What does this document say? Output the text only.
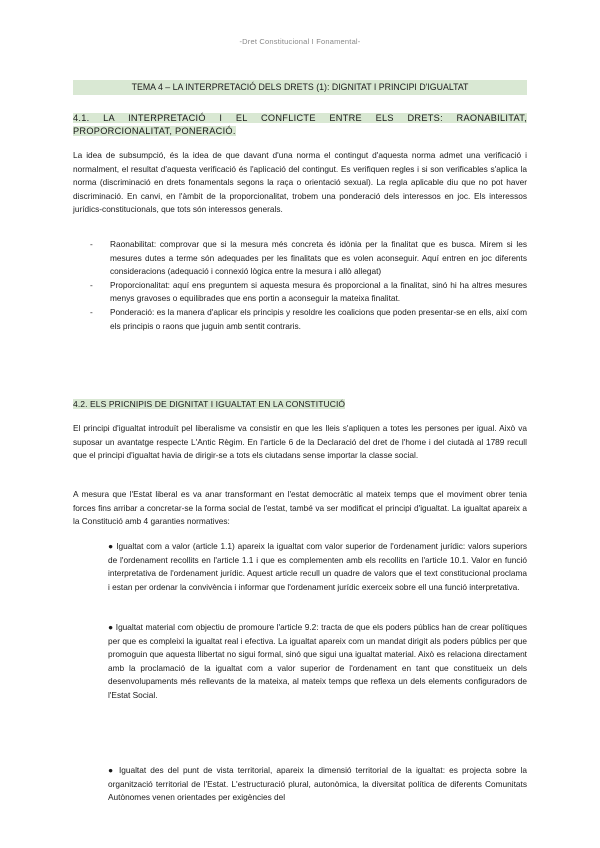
-Dret Constitucional I Fonamental-
TEMA 4 – LA INTERPRETACIÓ DELS DRETS (1): DIGNITAT I PRINCIPI D'IGUALTAT
4.1. LA INTERPRETACIÓ I EL CONFLICTE ENTRE ELS DRETS: RAONABILITAT, PROPORCIONALITAT, PONERACIÓ.
La idea de subsumpció, és la idea de que davant d'una norma el contingut d'aquesta norma admet una verificació i normalment, el resultat d'aquesta verificació és l'aplicació del contingut. Es verifiquen regles i si son verificables s'aplica la norma (discriminació en drets fonamentals segons la raça o orientació sexual). La regla aplicable diu que no pot haver discriminació. En canvi, en l'àmbit de la proporcionalitat, trobem una ponderació dels interessos en joc. Els interessos jurídics-constitucionals, que tots són interessos generals.
- Raonabilitat: comprovar que si la mesura més concreta és idònia per la finalitat que es busca. Mirem si les mesures dutes a terme són adequades per les finalitats que es volen aconseguir. Aquí entren en joc diferents consideracions (adequació i connexió lògica entre la mesura i allò allegat)
- Proporcionalitat: aquí ens preguntem si aquesta mesura és proporcional a la finalitat, sinó hi ha altres mesures menys gravoses o equilibrades que ens portin a aconseguir la mateixa finalitat.
- Ponderació: es la manera d'aplicar els principis y resoldre les coalicions que poden presentar-se en ells, així com els principis o raons que juguin amb sentit contraris.
4.2. ELS PRICNIPIS DE DIGNITAT I IGUALTAT EN LA CONSTITUCIÓ
El principi d'igualtat introduït pel liberalisme va consistir en que les lleis s'apliquen a totes les persones per igual. Això va suposar un avantatge respecte L'Antic Règim. En l'article 6 de la Declaració del dret de l'home i del ciutadà al 1789 recull que el principi d'igualtat havia de dirigir-se a tots els ciutadans sense importar la classe social.
A mesura que l'Estat liberal es va anar transformant en l'estat democràtic al mateix temps que el moviment obrer tenia forces fins arribar a concretar-se la forma social de l'estat, també va ser modificat el principi d'igualtat. La igualtat apareix a la Constitució amb 4 garanties normatives:
● Igualtat com a valor (article 1.1) apareix la igualtat com valor superior de l'ordenament jurídic: valors superiors de l'ordenament recollits en l'article 1.1 i que es complementen amb els recollits en l'article 10.1. Valor en funció interpretativa de l'ordenament jurídic. Aquest article recull un quadre de valors que el text constitucional proclama i estan per ordenar la convivència i informar que l'ordenament jurídic exerceix sobre ell una funció interpretativa.
● Igualtat material com objectiu de promoure l'article 9.2: tracta de que els poders públics han de crear polítiques per que es compleixi la igualtat real i efectiva. La igualtat apareix com un mandat dirigit als poders públics per que promoguin que aquesta llibertat no sigui formal, sinó que sigui una igualtat material. Això es relaciona directament amb la proclamació de la igualtat com a valor superior de l'ordenament en tant que constitueix un dels desenvolupaments més rellevants de la mateixa, al mateix temps que reflexa un dels elements configuradors de l'Estat Social.
● Igualtat des del punt de vista territorial, apareix la dimensió territorial de la igualtat: es projecta sobre la organització territorial de l'Estat. L'estructuració plural, autonòmica, la diversitat política de diferents Comunitats Autònomes venen orientades per exigències del
